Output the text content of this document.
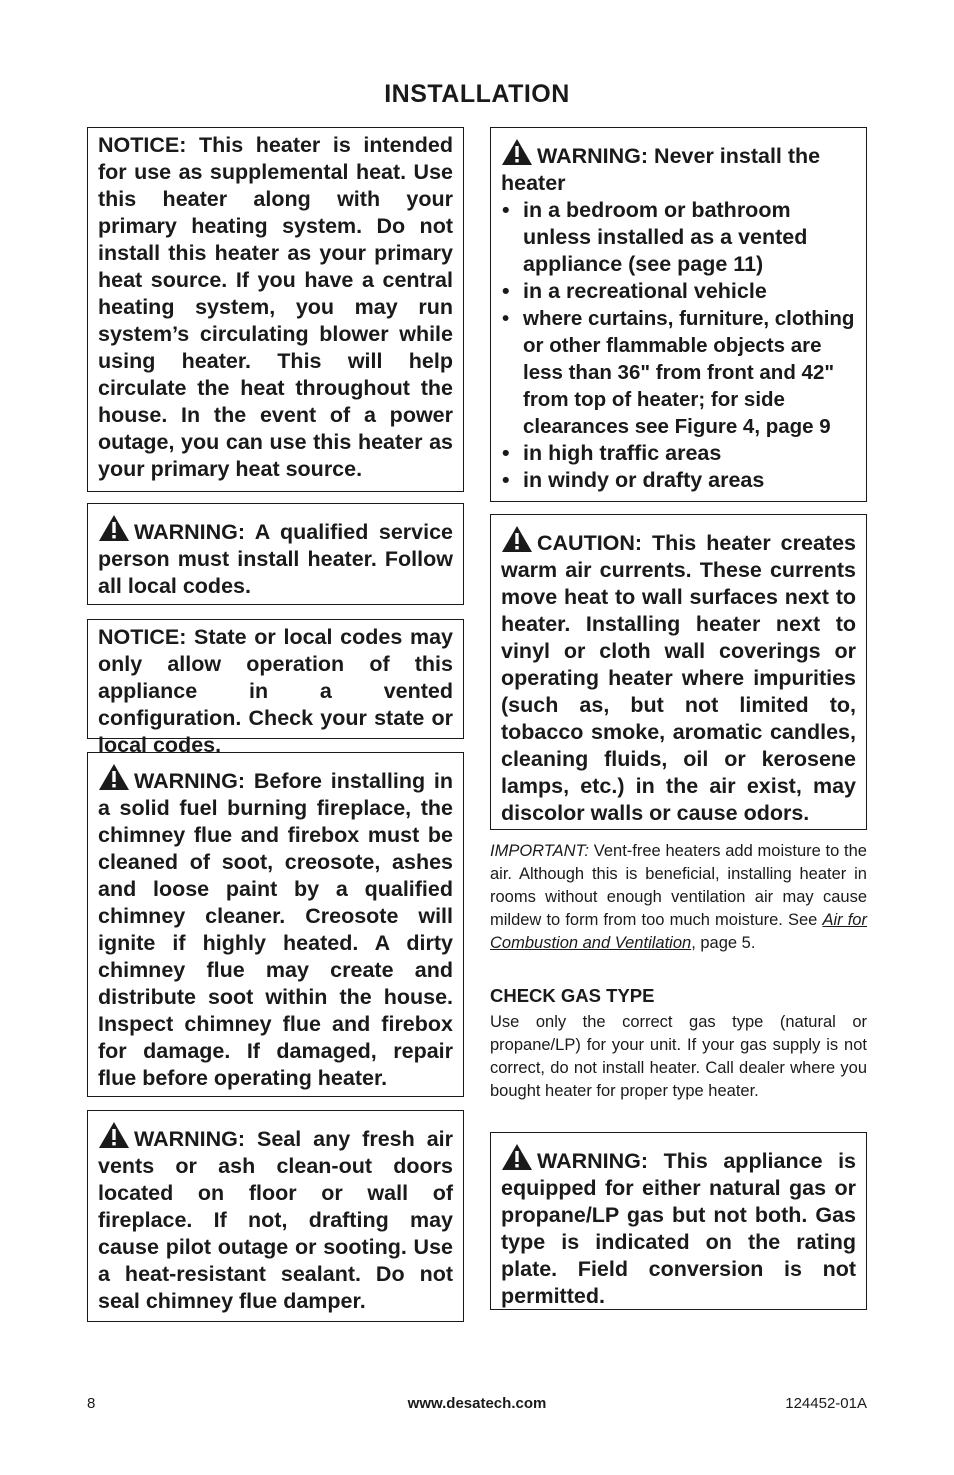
INSTALLATION

NOTICE: This heater is intended for use as supplemental heat. Use this heater along with your primary heating system. Do not install this heater as your primary heat source. If you have a central heating system, you may run system’s circulating blower while using heater. This will help circulate the heat throughout the house. In the event of a power outage, you can use this heater as your primary heat source.

WARNING: A qualified service person must install heater. Follow all local codes.

NOTICE: State or local codes may only allow operation of this appliance in a vented configuration. Check your state or local codes.

WARNING: Before installing in a solid fuel burning fireplace, the chimney flue and firebox must be cleaned of soot, creosote, ashes and loose paint by a qualified chimney cleaner. Creosote will ignite if highly heated. A dirty chimney flue may create and distribute soot within the house. Inspect chimney flue and firebox for damage. If damaged, repair flue before operating heater.

WARNING: Seal any fresh air vents or ash clean-out doors located on floor or wall of fireplace. If not, drafting may cause pilot outage or sooting. Use a heat-resistant sealant. Do not seal chimney flue damper.

WARNING: Never install the heater

• in a bedroom or bathroom unless installed as a vented appliance (see page 11)
• in a recreational vehicle
• where curtains, furniture, clothing or other flammable objects are less than 36" from front and 42" from top of heater; for side clearances see Figure 4, page 9
• in high traffic areas
• in windy or drafty areas

CAUTION: This heater creates warm air currents. These currents move heat to wall surfaces next to heater. Installing heater next to vinyl or cloth wall coverings or operating heater where impurities (such as, but not limited to, tobacco smoke, aromatic candles, cleaning fluids, oil or kerosene lamps, etc.) in the air exist, may discolor walls or cause odors.

IMPORTANT: Vent-free heaters add moisture to the air. Although this is beneficial, installing heater in rooms without enough ventilation air may cause mildew to form from too much moisture. See Air for Combustion and Ventilation, page 5.
CHECK GAS TYPE
Use only the correct gas type (natural or propane/LP) for your unit. If your gas supply is not correct, do not install heater. Call dealer where you bought heater for proper type heater.

WARNING: This appliance is equipped for either natural gas or propane/LP gas but not both. Gas type is indicated on the rating plate. Field conversion is not permitted.

8	www.desatech.com	124452-01A
